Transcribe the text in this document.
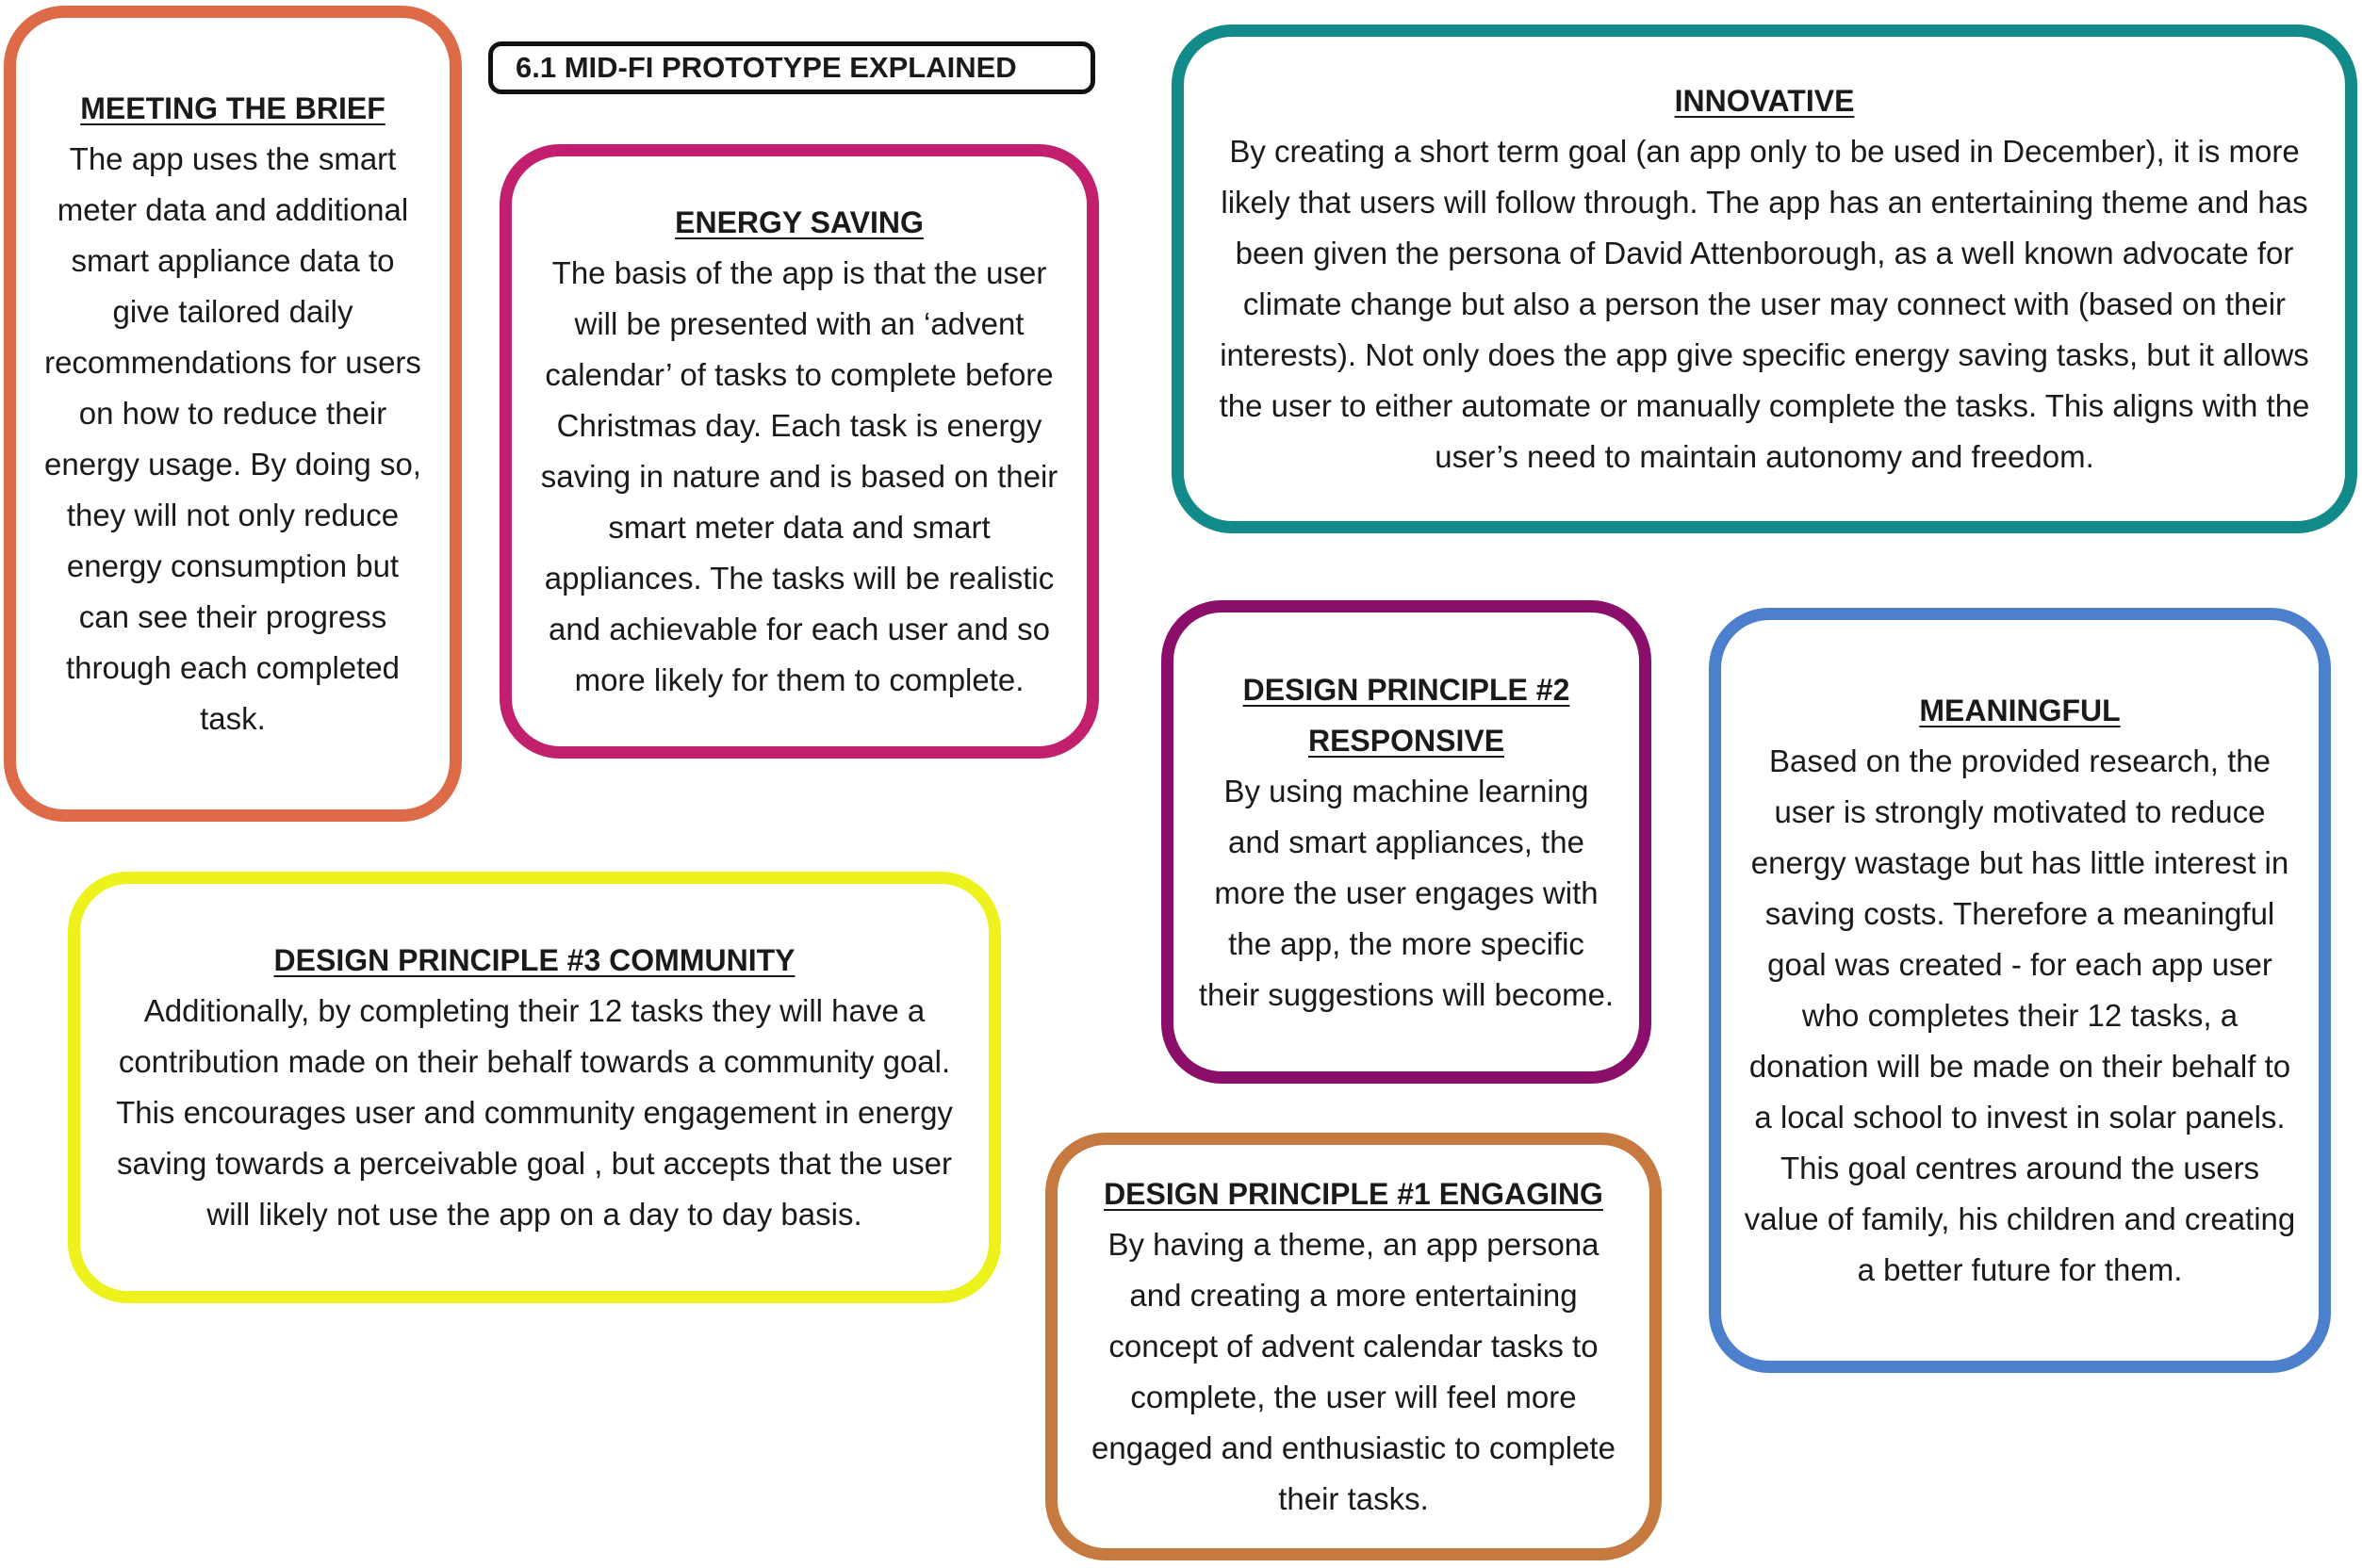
6.1 MID-FI PROTOTYPE EXPLAINED

MEETING THE BRIEF

The app uses the smart meter data and additional smart appliance data to give tailored daily recommendations for users on how to reduce their energy usage. By doing so, they will not only reduce energy consumption but can see their progress through each completed task.

ENERGY SAVING

The basis of the app is that the user will be presented with an ‘advent calendar’ of tasks to complete before Christmas day. Each task is energy saving in nature and is based on their smart meter data and smart appliances. The tasks will be realistic and achievable for each user and so more likely for them to complete.

INNOVATIVE

By creating a short term goal (an app only to be used in December), it is more likely that users will follow through. The app has an entertaining theme and has been given the persona of David Attenborough, as a well known advocate for climate change but also a person the user may connect with (based on their interests). Not only does the app give specific energy saving tasks, but it allows the user to either automate or manually complete the tasks. This aligns with the user’s need to maintain autonomy and freedom.

DESIGN PRINCIPLE #2

RESPONSIVE

By using machine learning and smart appliances, the more the user engages with the app, the more specific their suggestions will become.

MEANINGFUL

Based on the provided research, the user is strongly motivated to reduce energy wastage but has little interest in saving costs. Therefore a meaningful goal was created - for each app user who completes their 12 tasks, a donation will be made on their behalf to a local school to invest in solar panels. This goal centres around the users value of family, his children and creating a better future for them.

DESIGN PRINCIPLE #3 COMMUNITY

Additionally, by completing their 12 tasks they will have a contribution made on their behalf towards a community goal. This encourages user and community engagement in energy saving towards a perceivable goal , but accepts that the user will likely not use the app on a day to day basis.

DESIGN PRINCIPLE #1 ENGAGING

By having a theme, an app persona and creating a more entertaining concept of advent calendar tasks to complete, the user will feel more engaged and enthusiastic to complete their tasks.
